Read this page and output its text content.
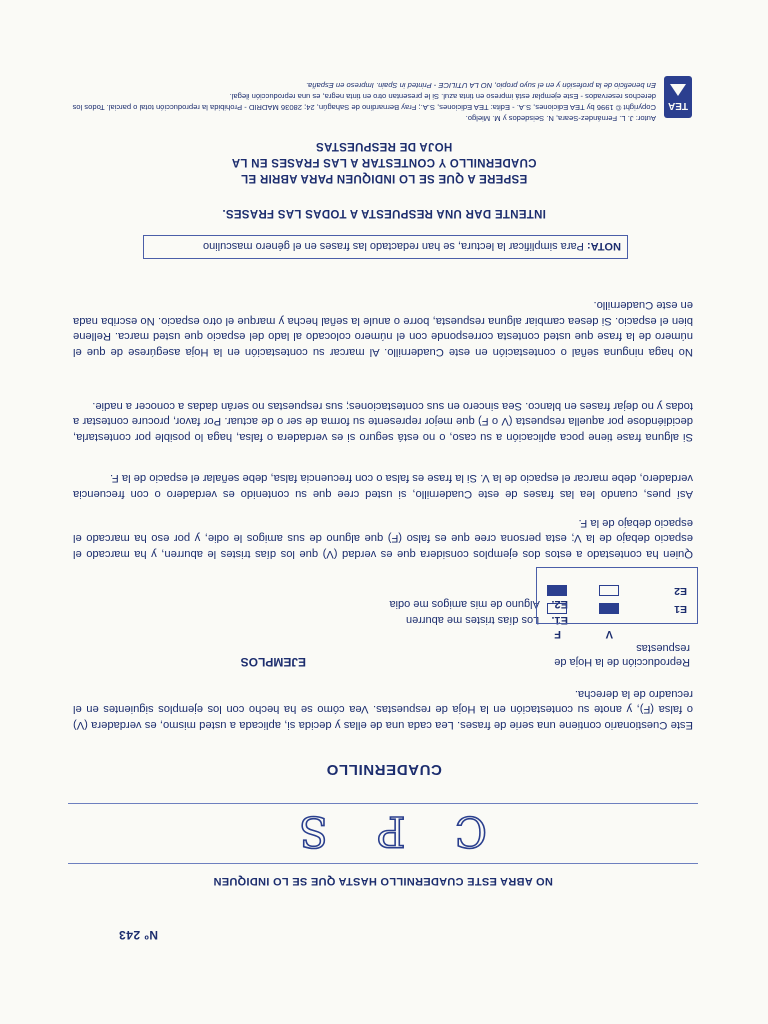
Nº 243
NO ABRA ESTE CUADERNILLO HASTA QUE SE LO INDIQUEN
C P S
CUADERNILLO
Este Cuestionario contiene una serie de frases. Lea cada una de ellas y decida si, aplicada a usted mismo, es verdadera (V) o falsa (F), y anote su contestación en la Hoja de respuestas. Vea cómo se ha hecho con los ejemplos siguientes en el recuadro de la derecha.
EJEMPLOS
E1.    Los días tristes me aburren
E2.    Alguno de mis amigos me odia
Reproducción de la Hoja de respuestas
V
F
E1
E2
Quien ha contestado a estos dos ejemplos considera que es verdad (V) que los días tristes le aburren, y ha marcado el espacio debajo de la V; esta persona cree que es falso (F) que alguno de sus amigos le odie, y por eso ha marcado el espacio debajo de la F.
Así pues, cuando lea las frases de este Cuadernillo, si usted cree que su contenido es verdadero o con frecuencia verdadero, debe marcar el espacio de la V. Si la frase es falsa o con frecuencia falsa, debe señalar el espacio de la F.
Si alguna frase tiene poca aplicación a su caso, o no está seguro si es verdadera o falsa, haga lo posible por contestarla, decidiéndose por aquella respuesta (V o F) que mejor represente su forma de ser o de actuar. Por favor, procure contestar a todas y no dejar frases en blanco. Sea sincero en sus contestaciones; sus respuestas no serán dadas a conocer a nadie.
No haga ninguna señal o contestación en este Cuadernillo. Al marcar su contestación en la Hoja asegúrese de que el número de la frase que usted contesta corresponde con el número colocado al lado del espacio que usted marca. Rellene bien el espacio. Si desea cambiar alguna respuesta, borre o anule la señal hecha y marque el otro espacio. No escriba nada en este Cuadernillo.
NOTA: Para simplificar la lectura, se han redactado las frases en el género masculino
INTENTE DAR UNA RESPUESTA A TODAS LAS FRASES.
ESPERE A QUE SE LO INDIQUEN PARA ABRIR EL CUADERNILLO Y CONTESTAR A LAS FRASES EN LA HOJA DE RESPUESTAS
TEA
Autor: J. L. Fernández-Seara, N. Seisdedos y M. Mielgo.
Copyright © 1996 by TEA Ediciones, S.A. - Edita: TEA Ediciones, S.A.; Fray Bernardino de Sahagún, 24; 28036 MADRID - Prohibida la reproducción total o parcial. Todos los derechos reservados - Este ejemplar está impreso en tinta azul. Si le presentan otro en tinta negra, es una reproducción ilegal.
En beneficio de la profesión y en el suyo propio, NO LA UTILICE - Printed in Spain. Impreso en España.
